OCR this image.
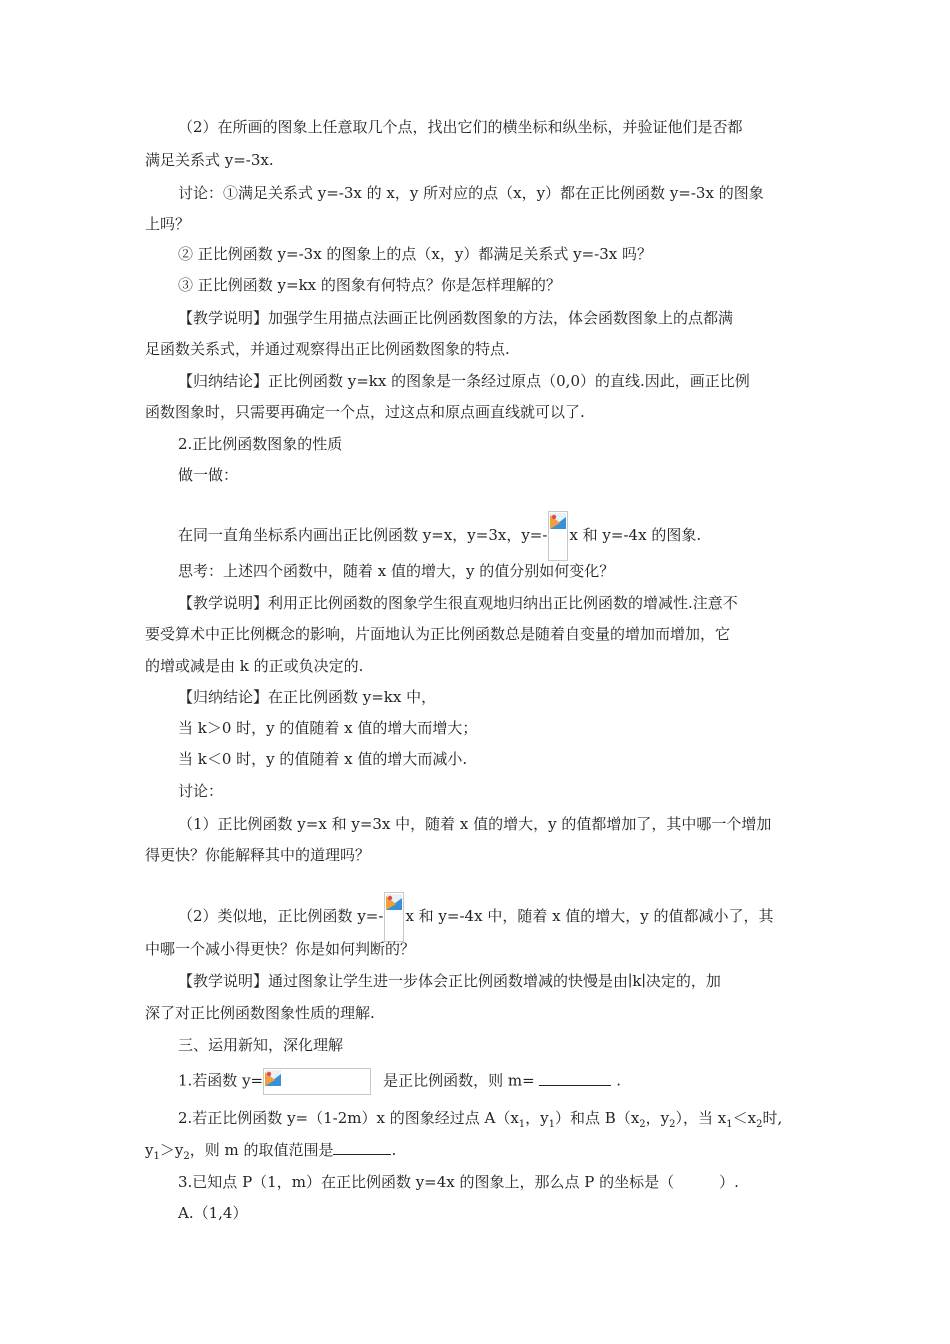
（2）在所画的图象上任意取几个点，找出它们的横坐标和纵坐标，并验证他们是否都
满足关系式 y=-3x.
讨论：①满足关系式 y=-3x 的 x，y 所对应的点（x，y）都在正比例函数 y=-3x 的图象
上吗？
② 正比例函数 y=-3x 的图象上的点（x，y）都满足关系式 y=-3x 吗？
③ 正比例函数 y=kx 的图象有何特点？你是怎样理解的？
【教学说明】加强学生用描点法画正比例函数图象的方法，体会函数图象上的点都满
足函数关系式，并通过观察得出正比例函数图象的特点.
【归纳结论】正比例函数 y=kx 的图象是一条经过原点（0,0）的直线.因此，画正比例
函数图象时，只需要再确定一个点，过这点和原点画直线就可以了.
2.正比例函数图象的性质
做一做：
在同一直角坐标系内画出正比例函数 y=x，y=3x，y=- x 和 y=-4x 的图象.
思考：上述四个函数中，随着 x 值的增大，y 的值分别如何变化？
【教学说明】利用正比例函数的图象学生很直观地归纳出正比例函数的增减性.注意不
要受算术中正比例概念的影响，片面地认为正比例函数总是随着自变量的增加而增加，它
的增或减是由 k 的正或负决定的.
【归纳结论】在正比例函数 y=kx 中，
当 k＞0 时，y 的值随着 x 值的增大而增大；
当 k＜0 时，y 的值随着 x 值的增大而减小.
讨论：
（1）正比例函数 y=x 和 y=3x 中，随着 x 值的增大，y 的值都增加了，其中哪一个增加
得更快？你能解释其中的道理吗？
（2）类似地，正比例函数 y=- x 和 y=-4x 中，随着 x 值的增大，y 的值都减小了，其
中哪一个减小得更快？你是如何判断的？
【教学说明】通过图象让学生进一步体会正比例函数增减的快慢是由∣k∣决定的，加
深了对正比例函数图象性质的理解.
三、运用新知，深化理解
1.若函数 y=	是正比例函数，则 m=	.
2.若正比例函数 y=（1-2m）x 的图象经过点 $A(x_1$，$y_1$）和点 $B(x_2$，$y_2$），当 $x_1<x_2$时,
$y_1>y_2$，则 m 的取值范围是	.
3.已知点 P（1，m）在正比例函数 y=4x 的图象上，那么点 P 的坐标是（　　　）.
A.（1,4）
